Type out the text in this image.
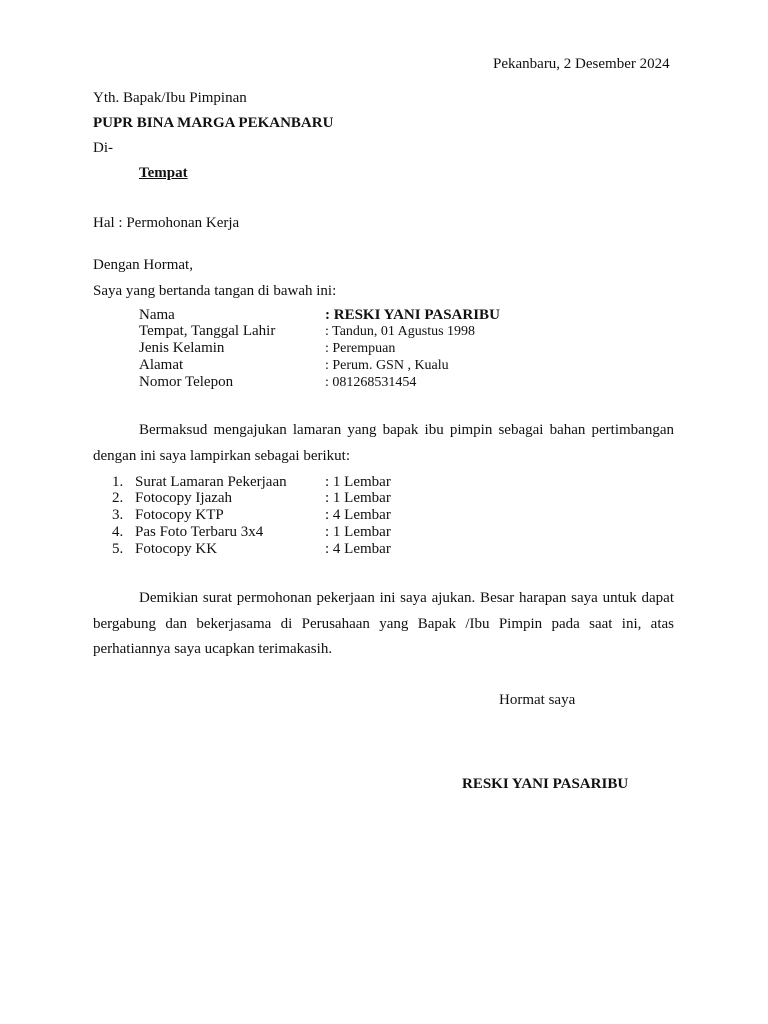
Pekanbaru, 2 Desember 2024
Yth. Bapak/Ibu Pimpinan
PUPR BINA MARGA PEKANBARU
Di-
Tempat
Hal : Permohonan Kerja
Dengan Hormat,
Saya yang bertanda tangan di bawah ini:
Nama	: RESKI YANI PASARIBU
Tempat, Tanggal Lahir	: Tandun, 01 Agustus 1998
Jenis Kelamin	: Perempuan
Alamat	: Perum. GSN , Kualu
Nomor Telepon	: 081268531454
Bermaksud mengajukan lamaran yang bapak ibu pimpin sebagai bahan pertimbangan dengan ini saya lampirkan sebagai berikut:
1. Surat Lamaran Pekerjaan	: 1 Lembar
2. Fotocopy Ijazah	: 1 Lembar
3. Fotocopy KTP	: 4 Lembar
4. Pas Foto Terbaru 3x4	: 1 Lembar
5. Fotocopy KK	: 4 Lembar
Demikian surat permohonan pekerjaan ini saya ajukan. Besar harapan saya untuk dapat bergabung dan bekerjasama di Perusahaan yang Bapak /Ibu Pimpin pada saat ini, atas perhatiannya saya ucapkan terimakasih.
Hormat saya
RESKI YANI PASARIBU
